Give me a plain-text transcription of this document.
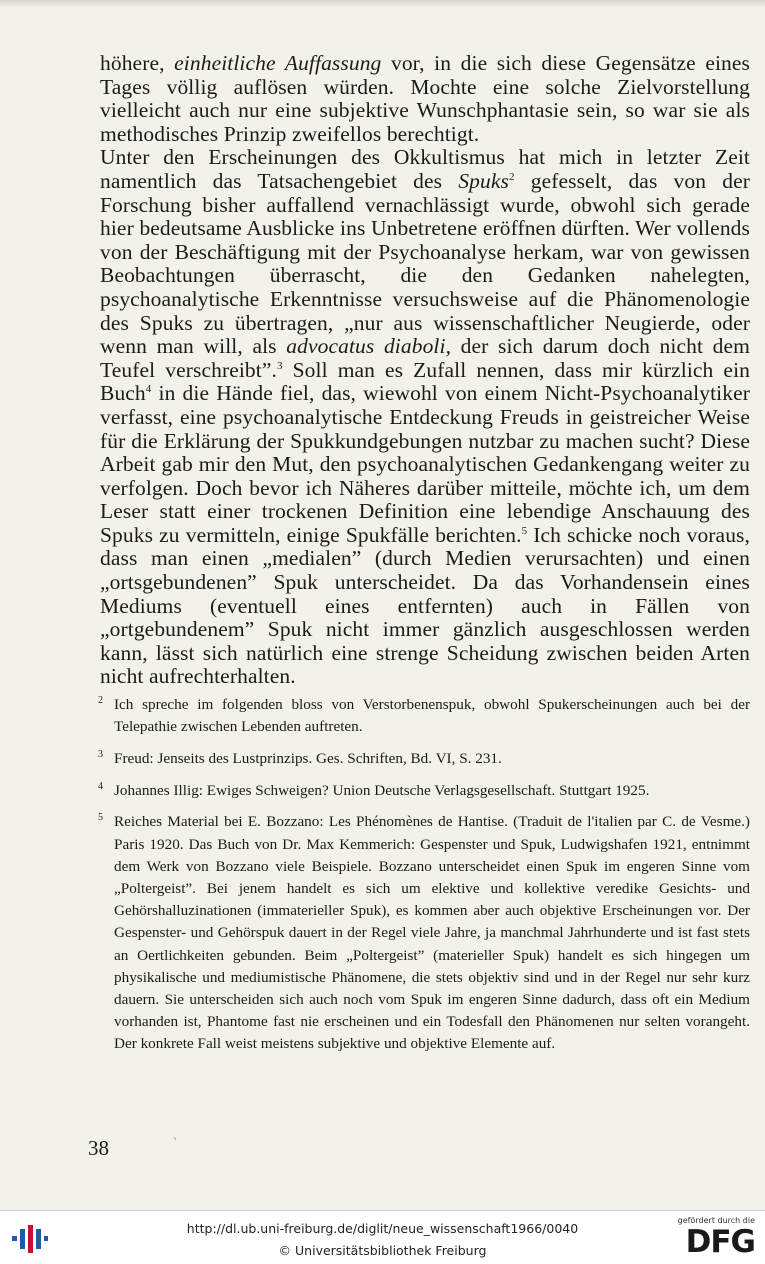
höhere, einheitliche Auffassung vor, in die sich diese Gegensätze eines Tages völlig auflösen würden. Mochte eine solche Zielvorstellung vielleicht auch nur eine subjektive Wunschphantasie sein, so war sie als methodisches Prinzip zweifellos berechtigt.

Unter den Erscheinungen des Okkultismus hat mich in letzter Zeit namentlich das Tatsachengebiet des Spuks$^2$ gefesselt, das von der Forschung bisher auffallend vernachlässigt wurde, obwohl sich gerade hier bedeutsame Ausblicke ins Unbetretene eröffnen dürften. Wer vollends von der Beschäftigung mit der Psychoanalyse herkam, war von gewissen Beobachtungen überrascht, die den Gedanken nahelegten, psychoanalytische Erkenntnisse versuchsweise auf die Phänomenologie des Spuks zu übertragen, „nur aus wissenschaftlicher Neugierde, oder wenn man will, als advocatus diaboli, der sich darum doch nicht dem Teufel verschreibt”.$^3$ Soll man es Zufall nennen, dass mir kürzlich ein Buch$^4$ in die Hände fiel, das, wiewohl von einem Nicht-Psychoanalytiker verfasst, eine psychoanalytische Entdeckung Freuds in geistreicher Weise für die Erklärung der Spukkundgebungen nutzbar zu machen sucht? Diese Arbeit gab mir den Mut, den psychoanalytischen Gedankengang weiter zu verfolgen. Doch bevor ich Näheres darüber mitteile, möchte ich, um dem Leser statt einer trockenen Definition eine lebendige Anschauung des Spuks zu vermitteln, einige Spukfälle berichten.$^5$ Ich schicke noch voraus, dass man einen „medialen” (durch Medien verursachten) und einen „ortsgebundenen” Spuk unterscheidet. Da das Vorhandensein eines Mediums (eventuell eines entfernten) auch in Fällen von „ortgebundenem” Spuk nicht immer gänzlich ausgeschlossen werden kann, lässt sich natürlich eine strenge Scheidung zwischen beiden Arten nicht aufrechterhalten.

2 Ich spreche im folgenden bloss von Verstorbenenspuk, obwohl Spukerscheinungen auch bei der Telepathie zwischen Lebenden auftreten.
3 Freud: Jenseits des Lustprinzips. Ges. Schriften, Bd. VI, S. 231.
4 Johannes Illig: Ewiges Schweigen? Union Deutsche Verlagsgesellschaft. Stuttgart 1925.
5 Reiches Material bei E. Bozzano: Les Phénomènes de Hantise. (Traduit de l'italien par C. de Vesme.) Paris 1920. Das Buch von Dr. Max Kemmerich: Gespenster und Spuk, Ludwigshafen 1921, entnimmt dem Werk von Bozzano viele Beispiele. Bozzano unterscheidet einen Spuk im engeren Sinne vom „Poltergeist”. Bei jenem handelt es sich um elektive und kollektive veredike Gesichts- und Gehörshalluzinationen (immaterieller Spuk), es kommen aber auch objektive Erscheinungen vor. Der Gespenster- und Gehörspuk dauert in der Regel viele Jahre, ja manchmal Jahrhunderte und ist fast stets an Oertlichkeiten gebunden. Beim „Poltergeist” (materieller Spuk) handelt es sich hingegen um physikalische und mediumistische Phänomene, die stets objektiv sind und in der Regel nur sehr kurz dauern. Sie unterscheiden sich auch noch vom Spuk im engeren Sinne dadurch, dass oft ein Medium vorhanden ist, Phantome fast nie erscheinen und ein Todesfall den Phänomenen nur selten vorangeht. Der konkrete Fall weist meistens subjektive und objektive Elemente auf.
38	ˋ
http://dl.ub.uni-freiburg.de/diglit/neue_wissenschaft1966/0040
© Universitätsbibliothek Freiburg
gefördert durch die
DFG
